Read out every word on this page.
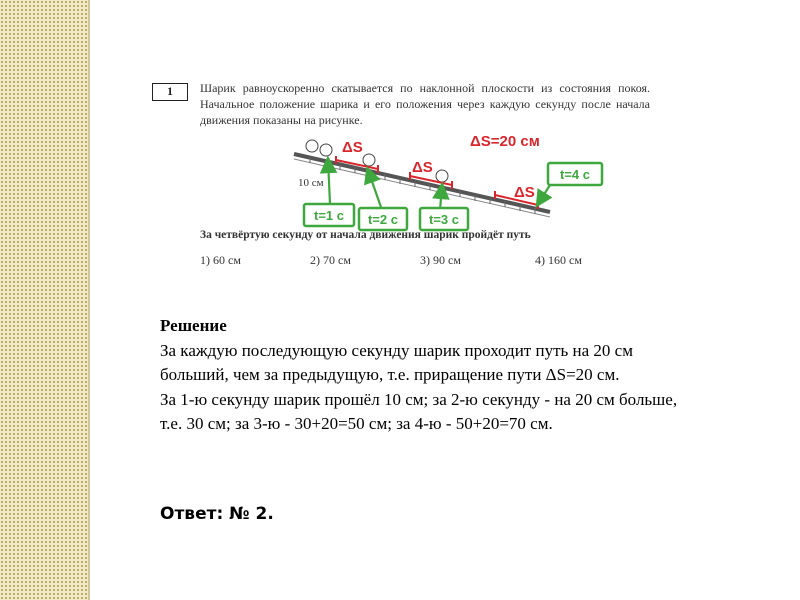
1	Шарик равноускоренно скатывается по наклонной плоскости из состояния покоя. Начальное положение шарика и его положения через каждую секунду после начала движения показаны на рисунке.
ΔS
ΔS
ΔS
ΔS=20 см
10 см
t=1 с t=2 с t=3 с
t=4 с
За четвёртую секунду от начала движения шарик пройдёт путь
1) 60 см	2) 70 см	3) 90 см	4) 160 см
Решение
За каждую последующую секунду шарик проходит путь на 20 см больший, чем за предыдущую, т.е. приращение пути ΔS=20 см.
За 1-ю секунду шарик прошёл 10 см; за 2-ю секунду - на 20 см больше, т.е. 30 см; за 3-ю - 30+20=50 см; за 4-ю - 50+20=70 см.
Ответ: № 2.
